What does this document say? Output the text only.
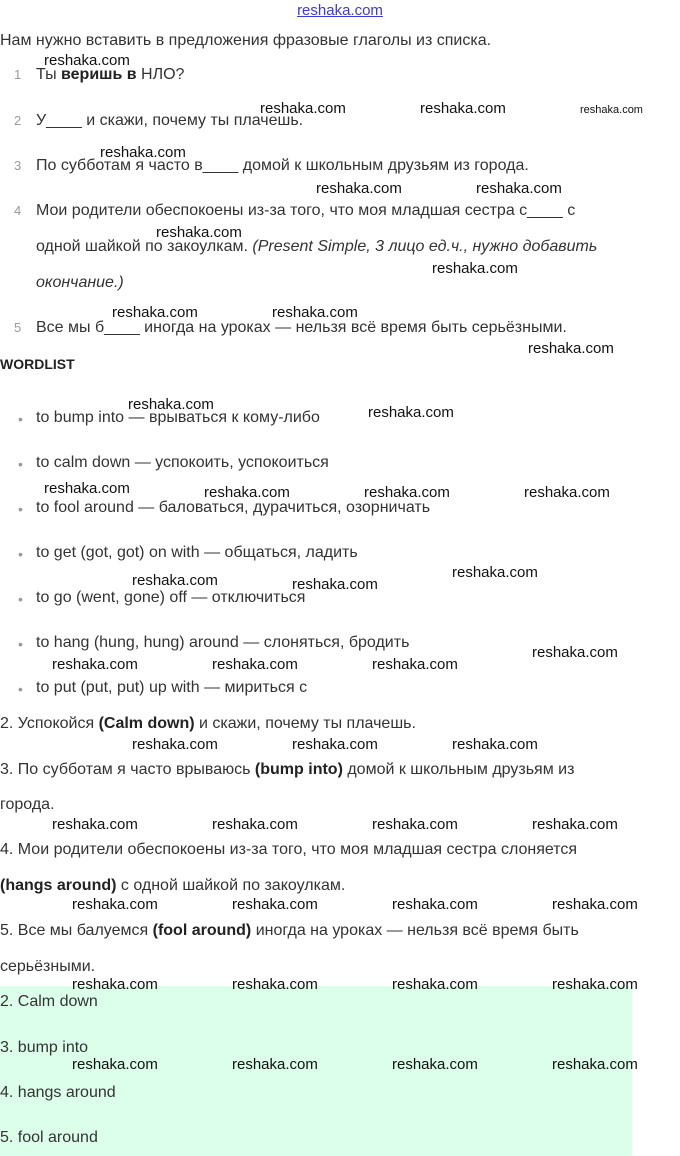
reshaka.com
Нам нужно вставить в предложения фразовые глаголы из списка.
1 Ты веришь в НЛО?
2 У____ и скажи, почему ты плачешь.
3 По субботам я часто в____ домой к школьным друзьям из города.
4 Мои родители обеспокоены из-за того, что моя младшая сестра с____ с
одной шайкой по закоулкам. (Present Simple, 3 лицо ед.ч., нужно добавить
окончание.)
5 Все мы б____ иногда на уроках — нельзя всё время быть серьёзными.
WORDLIST
• to bump into — врываться к кому-либо
• to calm down — успокоить, успокоиться
• to fool around — баловаться, дурачиться, озорничать
• to get (got, got) on with — общаться, ладить
• to go (went, gone) off — отключиться
• to hang (hung, hung) around — слоняться, бродить
• to put (put, put) up with — мириться с
2. Успокойся (Calm down) и скажи, почему ты плачешь.
3. По субботам я часто врываюсь (bump into) домой к школьным друзьям из
города.
4. Мои родители обеспокоены из-за того, что моя младшая сестра слоняется
(hangs around) с одной шайкой по закоулкам.
5. Все мы балуемся (fool around) иногда на уроках — нельзя всё время быть
серьёзными.
2. Calm down
3. bump into
4. hangs around
5. fool around
reshaka.com
reshaka.com	reshaka.com	reshaka.com
reshaka.com
reshaka.com	reshaka.com
reshaka.com
reshaka.com
reshaka.com	reshaka.com
reshaka.com
reshaka.com	reshaka.com
reshaka.com	reshaka.com	reshaka.com	reshaka.com
reshaka.com	reshaka.com
reshaka.com
reshaka.com	reshaka.com	reshaka.com
reshaka.com
reshaka.com	reshaka.com	reshaka.com
reshaka.com	reshaka.com	reshaka.com	reshaka.com
reshaka.com	reshaka.com	reshaka.com	reshaka.com
reshaka.com	reshaka.com	reshaka.com	reshaka.com
reshaka.com	reshaka.com	reshaka.com	reshaka.com
